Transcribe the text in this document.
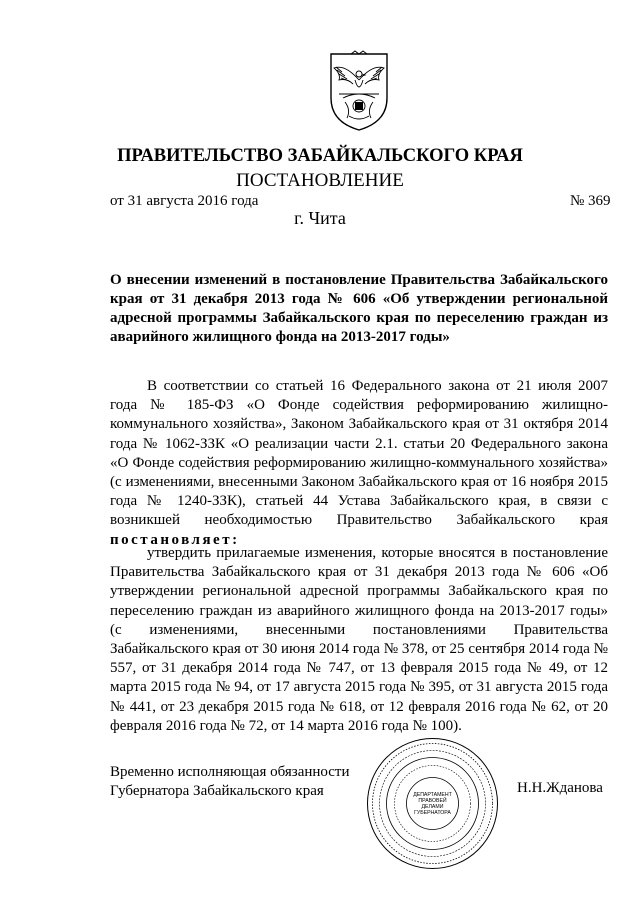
ПРАВИТЕЛЬСТВО ЗАБАЙКАЛЬСКОГО КРАЯ
ПОСТАНОВЛЕНИЕ
от 31 августа 2016 года	№ 369
г. Чита
О внесении изменений в постановление Правительства Забайкальского края от 31 декабря 2013 года № 606 «Об утверждении региональной адресной программы Забайкальского края по переселению граждан из аварийного жилищного фонда на 2013-2017 годы»
В соответствии со статьей 16 Федерального закона от 21 июля 2007 года № 185-ФЗ «О Фонде содействия реформированию жилищно-коммунального хозяйства», Законом Забайкальского края от 31 октября 2014 года № 1062-ЗЗК «О реализации части 2.1. статьи 20 Федерального закона «О Фонде содействия реформированию жилищно-коммунального хозяйства» (с изменениями, внесенными Законом Забайкальского края от 16 ноября 2015 года № 1240-ЗЗК), статьей 44 Устава Забайкальского края, в связи с возникшей необходимостью Правительство Забайкальского края постановляет:
утвердить прилагаемые изменения, которые вносятся в постановление Правительства Забайкальского края от 31 декабря 2013 года № 606 «Об утверждении региональной адресной программы Забайкальского края по переселению граждан из аварийного жилищного фонда на 2013-2017 годы» (с изменениями, внесенными постановлениями Правительства Забайкальского края от 30 июня 2014 года № 378, от 25 сентября 2014 года № 557, от 31 декабря 2014 года № 747, от 13 февраля 2015 года № 49, от 12 марта 2015 года № 94, от 17 августа 2015 года № 395, от 31 августа 2015 года № 441, от 23 декабря 2015 года № 618, от 12 февраля 2016 года № 62, от 20 февраля 2016 года № 72, от 14 марта 2016 года № 100).
Временно исполняющая обязанности
Губернатора Забайкальского края	ДЕПАРТАМЕНТ
ПРАВОВЕЙ
ДЕЛАМИ
ГУБЕРНАТОРА
Н.Н.Жданова
